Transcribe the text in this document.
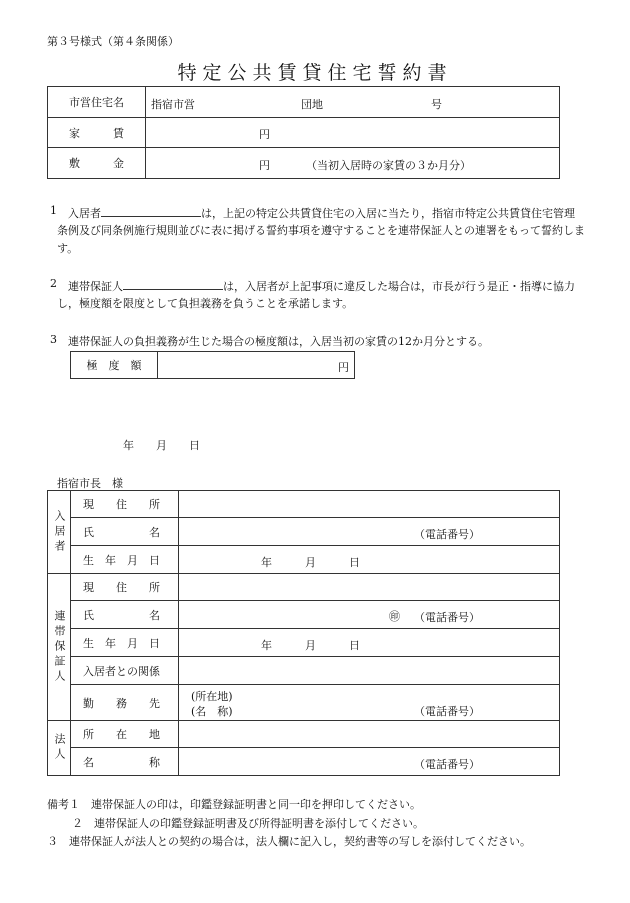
第３号様式（第４条関係）
特定公共賃貸住宅誓約書
市営住宅名	指宿市営 団地 号

家　　　賃	円

敷　　　金	円 （当初入居時の家賃の３か月分）
1 入居者	は，上記の特定公共賃貸住宅の入居に当たり，指宿市特定公共賃貸住宅管理
条例及び同条例施行規則並びに表に掲げる誓約事項を遵守することを連帯保証人との連署をもって誓約しま
す。
2 連帯保証人	は，入居者が上記事項に違反した場合は，市長が行う是正・指導に協力
し，極度額を限度として負担義務を負うことを承諾します。
3 連帯保証人の負担義務が生じた場合の極度額は，入居当初の家賃の12か月分とする。
極　度　額	円
年　　月　　日
指宿市長　様
入居者	現　　住　　所	
	氏　　　　　名	（電話番号）

	生　年　月　日	年　　　月　　　日

連帯保証人	現　　住　　所	
	氏　　　　　名	㊞ （電話番号）

	生　年　月　日	年　　　月　　　日

	入居者との関係	
	勤　　務　　先	(所在地)
(名　称) （電話番号）

法人	所　　在　　地	
	名　　　　　称	（電話番号）
備考１　連帯保証人の印は，印鑑登録証明書と同一印を押印してください。
２　連帯保証人の印鑑登録証明書及び所得証明書を添付してください。
３　連帯保証人が法人との契約の場合は，法人欄に記入し，契約書等の写しを添付してください。
